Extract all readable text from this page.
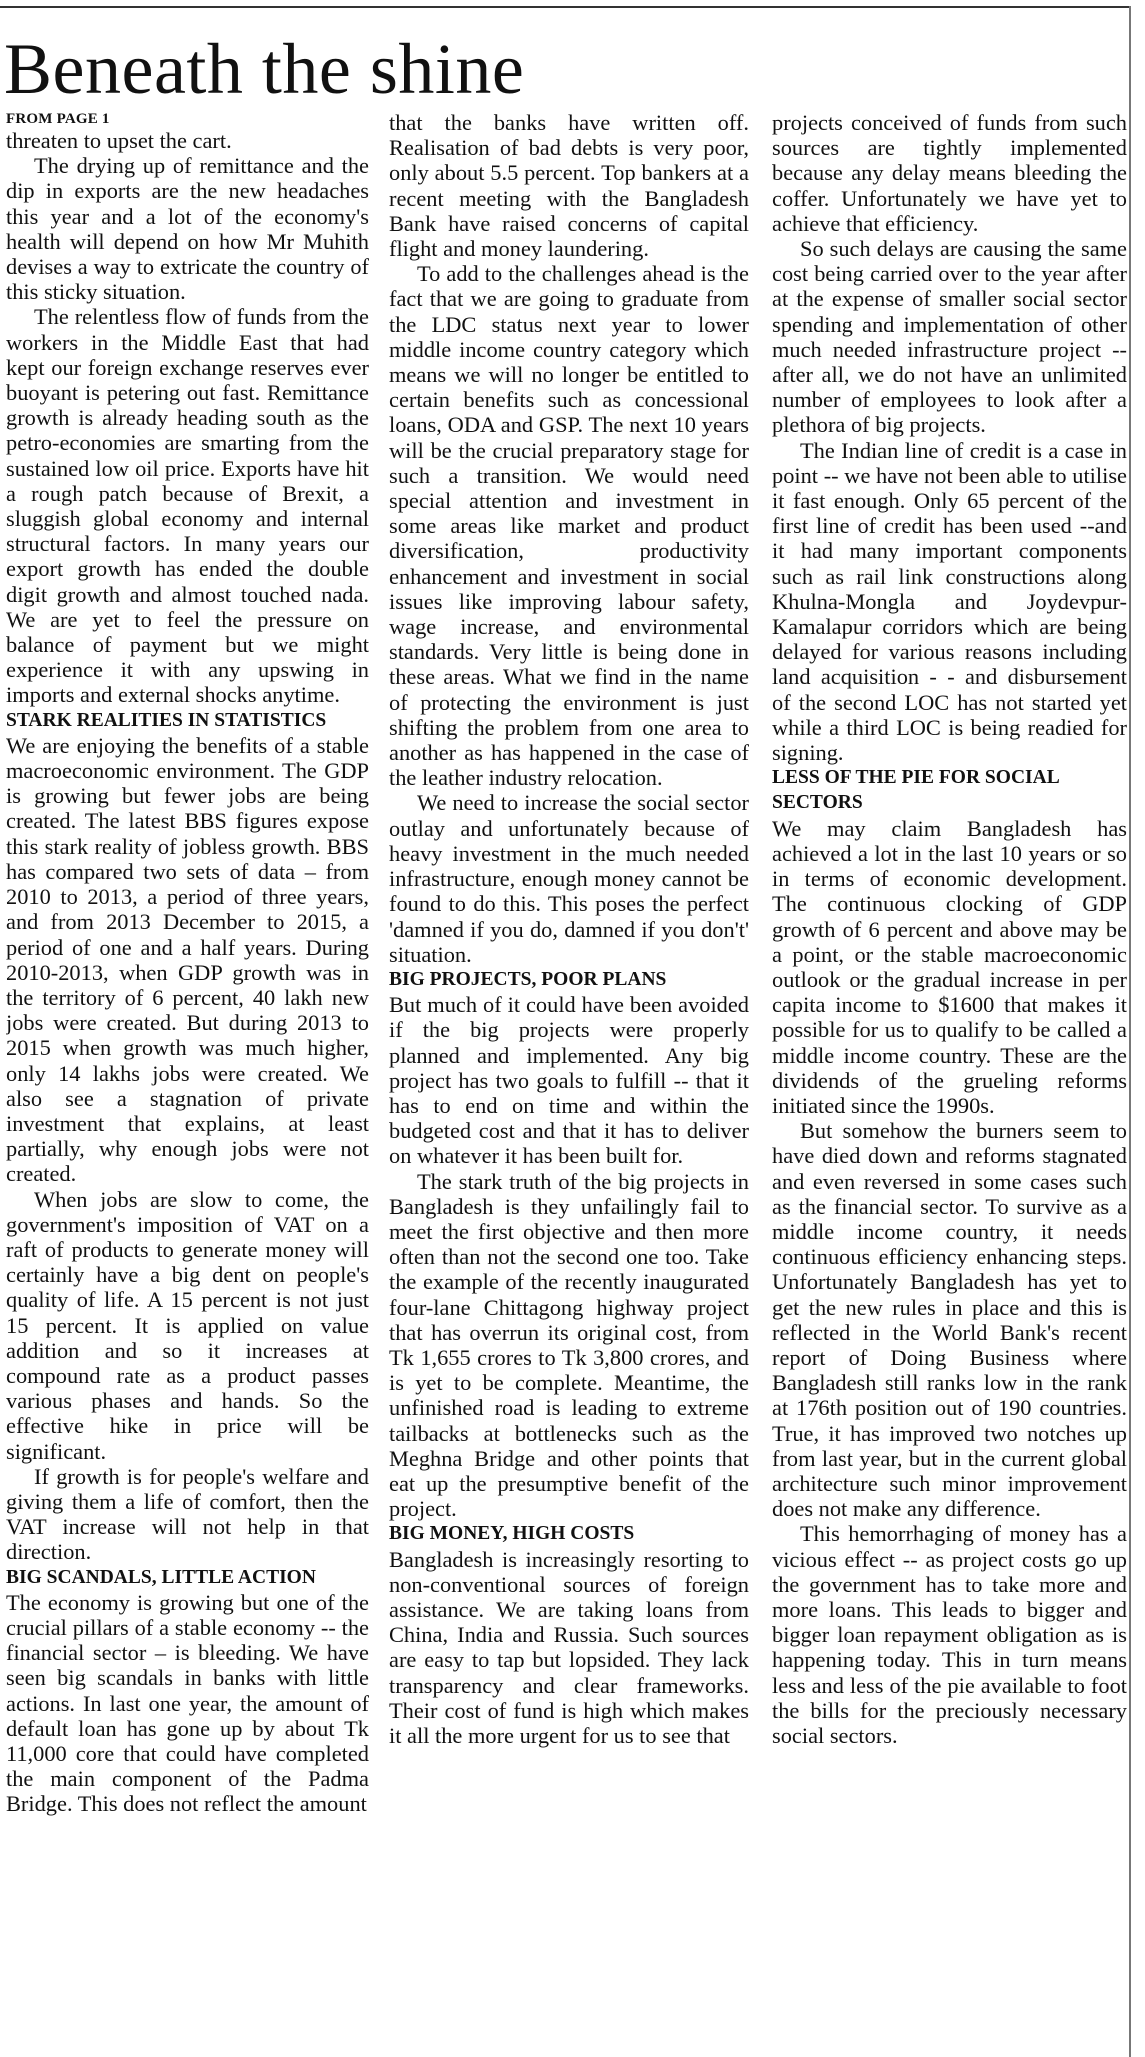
Beneath the shine
FROM PAGE 1

threaten to upset the cart.

The drying up of remittance and the dip in exports are the new headaches this year and a lot of the economy's health will depend on how Mr Muhith devises a way to extricate the country of this sticky situation.

The relentless flow of funds from the workers in the Middle East that had kept our foreign exchange reserves ever buoyant is petering out fast. Remittance growth is already heading south as the petro-economies are smarting from the sustained low oil price. Exports have hit a rough patch because of Brexit, a sluggish global economy and internal structural factors. In many years our export growth has ended the double digit growth and almost touched nada. We are yet to feel the pressure on balance of payment but we might experience it with any upswing in imports and external shocks anytime.

STARK REALITIES IN STATISTICS

We are enjoying the benefits of a stable macroeconomic environment. The GDP is growing but fewer jobs are being created. The latest BBS figures expose this stark reality of jobless growth. BBS has compared two sets of data – from 2010 to 2013, a period of three years, and from 2013 December to 2015, a period of one and a half years. During 2010-2013, when GDP growth was in the territory of 6 percent, 40 lakh new jobs were created. But during 2013 to 2015 when growth was much higher, only 14 lakhs jobs were created. We also see a stagnation of private investment that explains, at least partially, why enough jobs were not created.

When jobs are slow to come, the government's imposition of VAT on a raft of products to generate money will certainly have a big dent on people's quality of life. A 15 percent is not just 15 percent. It is applied on value addition and so it increases at compound rate as a product passes various phases and hands. So the effective hike in price will be significant.

If growth is for people's welfare and giving them a life of comfort, then the VAT increase will not help in that direction.

BIG SCANDALS, LITTLE ACTION

The economy is growing but one of the crucial pillars of a stable economy -- the financial sector – is bleeding. We have seen big scandals in banks with little actions. In last one year, the amount of default loan has gone up by about Tk 11,000 core that could have completed the main component of the Padma Bridge. This does not reflect the amount

that the banks have written off. Realisation of bad debts is very poor, only about 5.5 percent. Top bankers at a recent meeting with the Bangladesh Bank have raised concerns of capital flight and money laundering.

To add to the challenges ahead is the fact that we are going to graduate from the LDC status next year to lower middle income country category which means we will no longer be entitled to certain benefits such as concessional loans, ODA and GSP. The next 10 years will be the crucial preparatory stage for such a transition. We would need special attention and investment in some areas like market and product diversification, productivity enhancement and investment in social issues like improving labour safety, wage increase, and environmental standards. Very little is being done in these areas. What we find in the name of protecting the environment is just shifting the problem from one area to another as has happened in the case of the leather industry relocation.

We need to increase the social sector outlay and unfortunately because of heavy investment in the much needed infrastructure, enough money cannot be found to do this. This poses the perfect 'damned if you do, damned if you don't' situation.

BIG PROJECTS, POOR PLANS

But much of it could have been avoided if the big projects were properly planned and implemented. Any big project has two goals to fulfill -- that it has to end on time and within the budgeted cost and that it has to deliver on whatever it has been built for.

The stark truth of the big projects in Bangladesh is they unfailingly fail to meet the first objective and then more often than not the second one too. Take the example of the recently inaugurated four-lane Chittagong highway project that has overrun its original cost, from Tk 1,655 crores to Tk 3,800 crores, and is yet to be complete. Meantime, the unfinished road is leading to extreme tailbacks at bottlenecks such as the Meghna Bridge and other points that eat up the presumptive benefit of the project.

BIG MONEY, HIGH COSTS

Bangladesh is increasingly resorting to non-conventional sources of foreign assistance. We are taking loans from China, India and Russia. Such sources are easy to tap but lopsided. They lack transparency and clear frameworks. Their cost of fund is high which makes it all the more urgent for us to see that

projects conceived of funds from such sources are tightly implemented because any delay means bleeding the coffer. Unfortunately we have yet to achieve that efficiency.

So such delays are causing the same cost being carried over to the year after at the expense of smaller social sector spending and implementation of other much needed infrastructure project -- after all, we do not have an unlimited number of employees to look after a plethora of big projects.

The Indian line of credit is a case in point -- we have not been able to utilise it fast enough. Only 65 percent of the first line of credit has been used --and it had many important components such as rail link constructions along Khulna-Mongla and Joydevpur-Kamalapur corridors which are being delayed for various reasons including land acquisition - - and disbursement of the second LOC has not started yet while a third LOC is being readied for signing.

LESS OF THE PIE FOR SOCIAL SECTORS

We may claim Bangladesh has achieved a lot in the last 10 years or so in terms of economic development. The continuous clocking of GDP growth of 6 percent and above may be a point, or the stable macroeconomic outlook or the gradual increase in per capita income to $1600 that makes it possible for us to qualify to be called a middle income country. These are the dividends of the grueling reforms initiated since the 1990s.

But somehow the burners seem to have died down and reforms stagnated and even reversed in some cases such as the financial sector. To survive as a middle income country, it needs continuous efficiency enhancing steps. Unfortunately Bangladesh has yet to get the new rules in place and this is reflected in the World Bank's recent report of Doing Business where Bangladesh still ranks low in the rank at 176th position out of 190 countries. True, it has improved two notches up from last year, but in the current global architecture such minor improvement does not make any difference.

This hemorrhaging of money has a vicious effect -- as project costs go up the government has to take more and more loans. This leads to bigger and bigger loan repayment obligation as is happening today. This in turn means less and less of the pie available to foot the bills for the preciously necessary social sectors.
